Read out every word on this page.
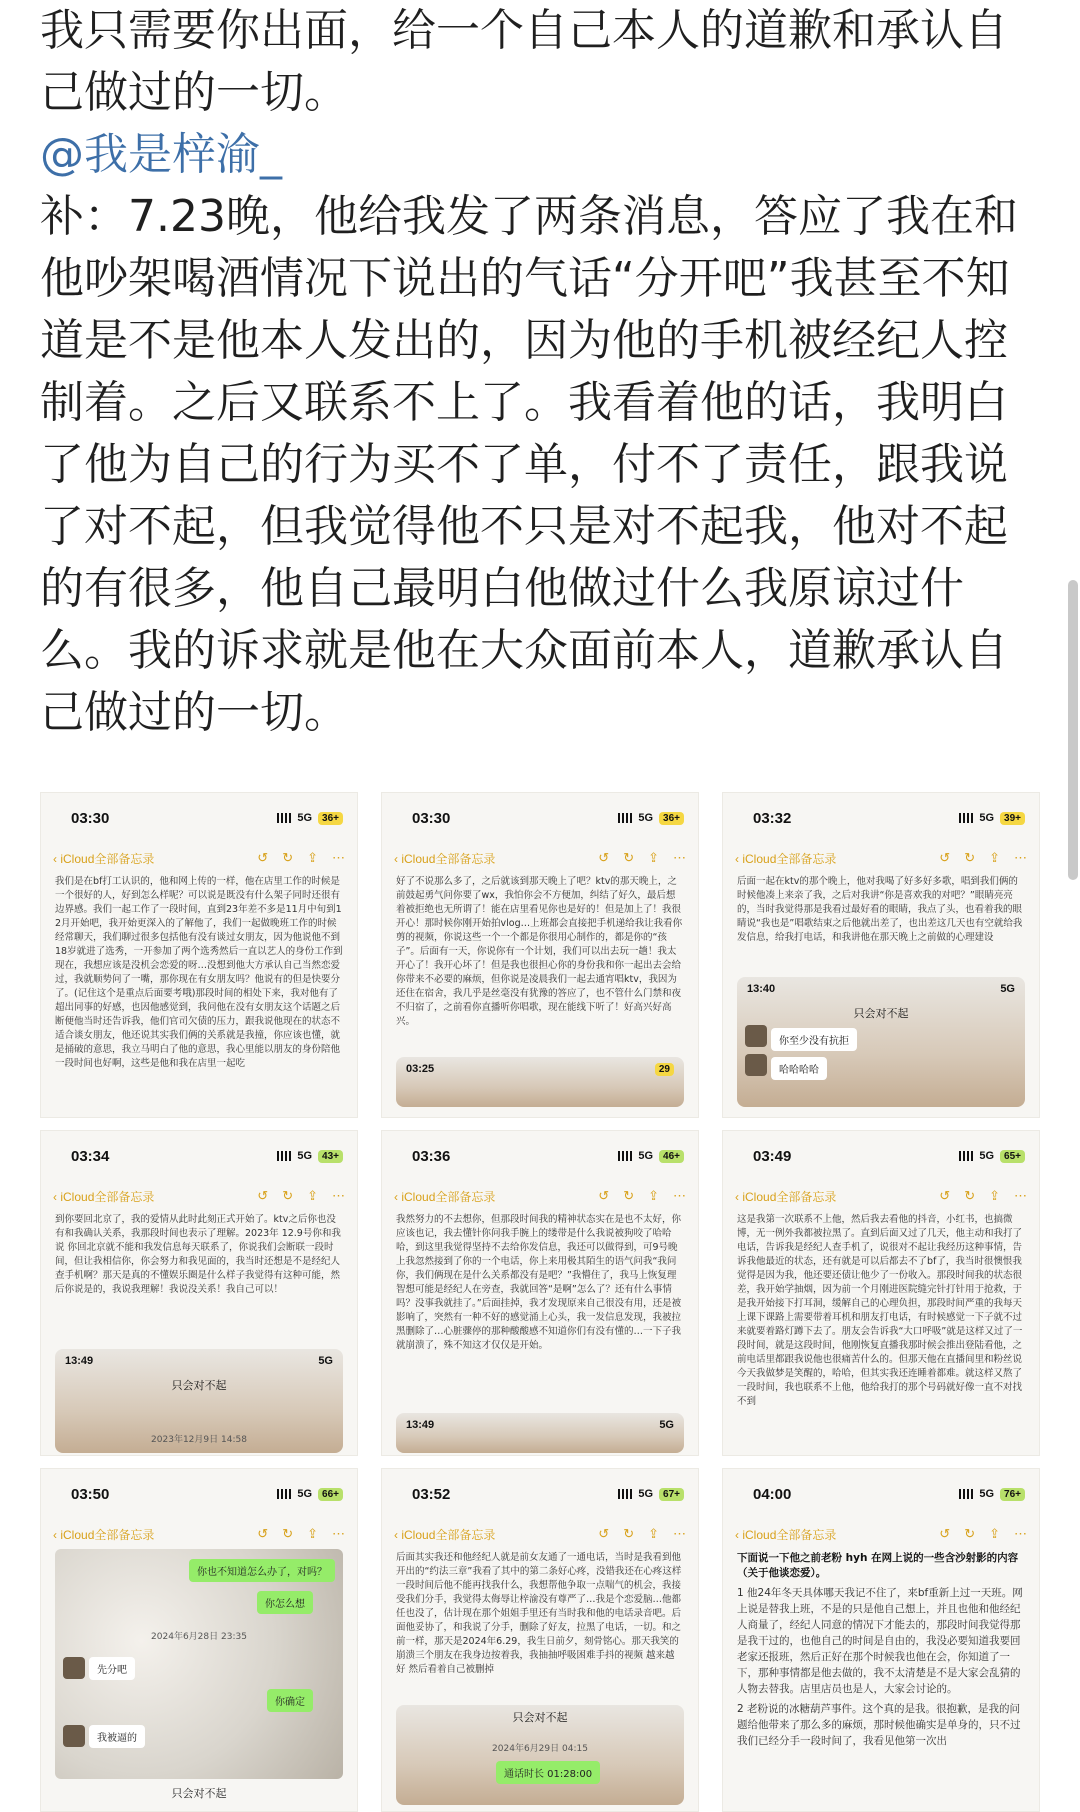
我只需要你出面，给一个自己本人的道歉和承认自己做过的一切。

@我是梓渝_

补：7.23晚，他给我发了两条消息，答应了我在和他吵架喝酒情况下说出的气话“分开吧”我甚至不知道是不是他本人发出的，因为他的手机被经纪人控制着。之后又联系不上了。我看着他的话，我明白了他为自己的行为买不了单，付不了责任，跟我说了对不起，但我觉得他不只是对不起我，他对不起的有很多，他自己最明白他做过什么我原谅过什么。我的诉求就是他在大众面前本人，道歉承认自己做过的一切。

03:30	5G	36+
‹ iCloud全部备忘录	↺ ↻ ⇪ ⋯
我们是在bf打工认识的，他和网上传的一样，他在店里工作的时候是一个很好的人，好到怎么样呢？可以说是既没有什么架子同时还很有边界感。我们一起工作了一段时间，直到23年差不多是11月中旬到12月开始吧，我开始更深入的了解他了，我们一起做晚班工作的时候经常聊天，我们聊过很多包括他有没有谈过女朋友，因为他说他不到18岁就进了选秀，一开参加了两个选秀然后一直以艺人的身份工作到现在，我想应该是没机会恋爱的呀…没想到他大方承认自己当然恋爱过，我就顺势问了一嘴，那你现在有女朋友吗？他说有的但是快要分了。(记住这个是重点后面要考哦)那段时间的相处下来，我对他有了超出同事的好感，也因他感觉到，我问他在没有女朋友这个话题之后断便他当时还告诉我，他们官司欠债的压力，跟我说他现在的状态不适合谈女朋友，他还说其实我们俩的关系就是我撞，你应该也懂，就是捅破的意思，我立马明白了他的意思，我心里能以朋友的身份陪他一段时间也好啊，这些是他和我在店里一起吃
03:30	5G	36+
‹ iCloud全部备忘录	↺ ↻ ⇪ ⋯
好了不说那么多了，之后就该到那天晚上了吧？ktv的那天晚上，之前鼓起勇气问你要了wx，我怕你会不方便加，纠结了好久，最后想着被拒绝也无所谓了！能在店里看见你也是好的！但是加上了！我很开心！那时候你刚开始拍vlog…上班都会直接把手机递给我让我看你剪的视频，你说这些一个一个都是你很用心制作的，都是你的“孩子”。后面有一天，你说你有一个计划，我们可以出去玩一趟！我太开心了！我开心坏了！但是我也很担心你的身份我和你一起出去会给你带来不必要的麻烦，但你说是凌晨我们一起去通宵唱ktv，我因为还住在宿舍，我几乎是丝毫没有犹豫的答应了，也不管什么门禁和夜不归宿了，之前看你直播听你唱歌，现在能线下听了！好高兴好高兴。
03:25	29
03:32	5G	39+
‹ iCloud全部备忘录	↺ ↻ ⇪ ⋯
后面一起在ktv的那个晚上，他对我喝了好多好多歌，唱到我们俩的时候他凑上来亲了我，之后对我讲“你是喜欢我的对吧？”眼睛亮亮的，当时我觉得那是我看过最好看的眼睛，我点了头，也看着我的眼睛说“我也是”唱歌结束之后他就出差了，也出差这几天也有空就给我发信息，给我打电话，和我讲他在那天晚上之前做的心理建设
13:40	5G
只会对不起
你至少没有抗拒
哈哈哈哈
03:34	5G	43+
‹ iCloud全部备忘录	↺ ↻ ⇪ ⋯
到你要回北京了，我的爱情从此时此刻正式开始了。ktv之后你也没有和我确认关系，我那段时间也表示了理解。2023年 12.9号你和我说 你回北京就不能和我发信息每天联系了，你说我们会断联一段时间，但让我相信你，你会努力和我见面的，我当时还想是不是经纪人查手机啊？那天是真的不懂娱乐圈是什么样子我觉得有这种可能，然后你说是的，我说我理解！我说没关系！我自己可以！
13:49	5G
只会对不起
2023年12月9日 14:58
03:36	5G	46+
‹ iCloud全部备忘录	↺ ↻ ⇪ ⋯
我然努力的不去想你，但那段时间我的精神状态实在是也不太好，你应该也记，我去懂针你问我手腕上的缕带是什么我说被狗咬了哈哈哈，到这里我觉得坚持不去给你发信息，我还可以做得到，可9号晚上我忽然接到了你的一个电话，你上来用极其陌生的语气问我“我问你，我们俩现在是什么关系都没有是吧？”我懵住了，我马上恢复理智想可能是经纪人在旁查，我就回答“是啊”怎么了？还有什么事情吗？没事我就挂了。”后面挂掉，我才发现原来自己很没有用，还是被影响了，突然有一种不好的感觉涌上心头，我一发信息发现，我被拉黑删除了…心脏骤停的那种酸酸感不知道你们有没有懂的…一下子我就崩溃了，殊不知这才仅仅是开始。
13:49	5G
03:49	5G	65+
‹ iCloud全部备忘录	↺ ↻ ⇪ ⋯
这是我第一次联系不上他，然后我去看他的抖音，小红书，也搞微博，无一例外我都被拉黑了。直到后面又过了几天，他主动和我打了电话，告诉我是经纪人查手机了，说很对不起让我经历这种事情，告诉我他最近的状态，还有就是可以后都去不了bf了，我当时很懊恨我觉得是因为我，他还要还债让他少了一份收入。那段时间我的状态很差，我开始学抽烟，因为前一个月刚进医院缝完针打针用于抢救，于是我开始接下打耳洞，缓解自己的心理负担，那段时间严重的我每天上课下课路上需要带着耳机和朋友打电话，有时候感觉一下子就不过来就要着路灯蹲下去了。朋友会告诉我“大口呼吸”就是这样又过了一段时间，就是这段时间，他刚恢复直播我那时候会推出登陆看他，之前电话里都跟我说他也很痛苦什么的。但那天他在直播间里和粉丝说今天我做梦是笑醒的，哈哈，但其实我还连睡着都难。就这样又熬了一段时间，我也联系不上他，他给我打的那个号码就好像一直不对找不到
03:50	5G	66+
‹ iCloud全部备忘录	↺ ↻ ⇪ ⋯
你也不知道怎么办了，对吗？
你怎么想
2024年6月28日 23:35
先分吧
你确定
我被逼的
只会对不起
03:52	5G	67+
‹ iCloud全部备忘录	↺ ↻ ⇪ ⋯
后面其实我还和他经纪人就是前女友通了一通电话，当时是我看到他开出的“约法三章”我看了其中的第二条好心疼，没错我还在心疼这样一段时间后他不能再找我什么，我想帮他争取一点喘气的机会，我接受我们分手，我觉得太侮辱让梓渝没有尊严了…我是个恋爱脑…他都任也没了，估计现在那个姐姐手里还有当时我和他的电话录音吧。后面他妥协了，和我说了分手，删除了好友，拉黑了电话，一切。和之前一样，那天是2024年6.29，我生日前夕，刻骨铭心。那天我笑的崩溃三个朋友在我身边按着我，我抽抽呼吸困难手抖的视频 越来越好 然后看着自己被删掉
只会对不起
2024年6月29日 04:15
通话时长 01:28:00
04:00	5G	76+
‹ iCloud全部备忘录	↺ ↻ ⇪ ⋯
下面说一下他之前老粉 hyh 在网上说的一些含沙射影的内容（关于他谈恋爱）。
1 他24年冬天具体哪天我记不住了，来bf重新上过一天班。网上说是替我上班，不是的只是他自己想上，并且也他和他经纪人商量了，经纪人同意的情况下才能去的，那段时间我觉得那是我干过的，也他自己的时间是自由的，我没必要知道我要回老家还报班，然后正好在那个时候我也他在会，你知道了一下，那种事情都是他去做的，我不太清楚是不是大家会乱猜的人物去替我。店里店员也是人，大家会讨论的。
2 老粉说的冰糖葫芦事件。这个真的是我。很抱歉，是我的问题给他带来了那么多的麻烦，那时候他确实是单身的，只不过我们已经分手一段时间了，我看见他第一次出
